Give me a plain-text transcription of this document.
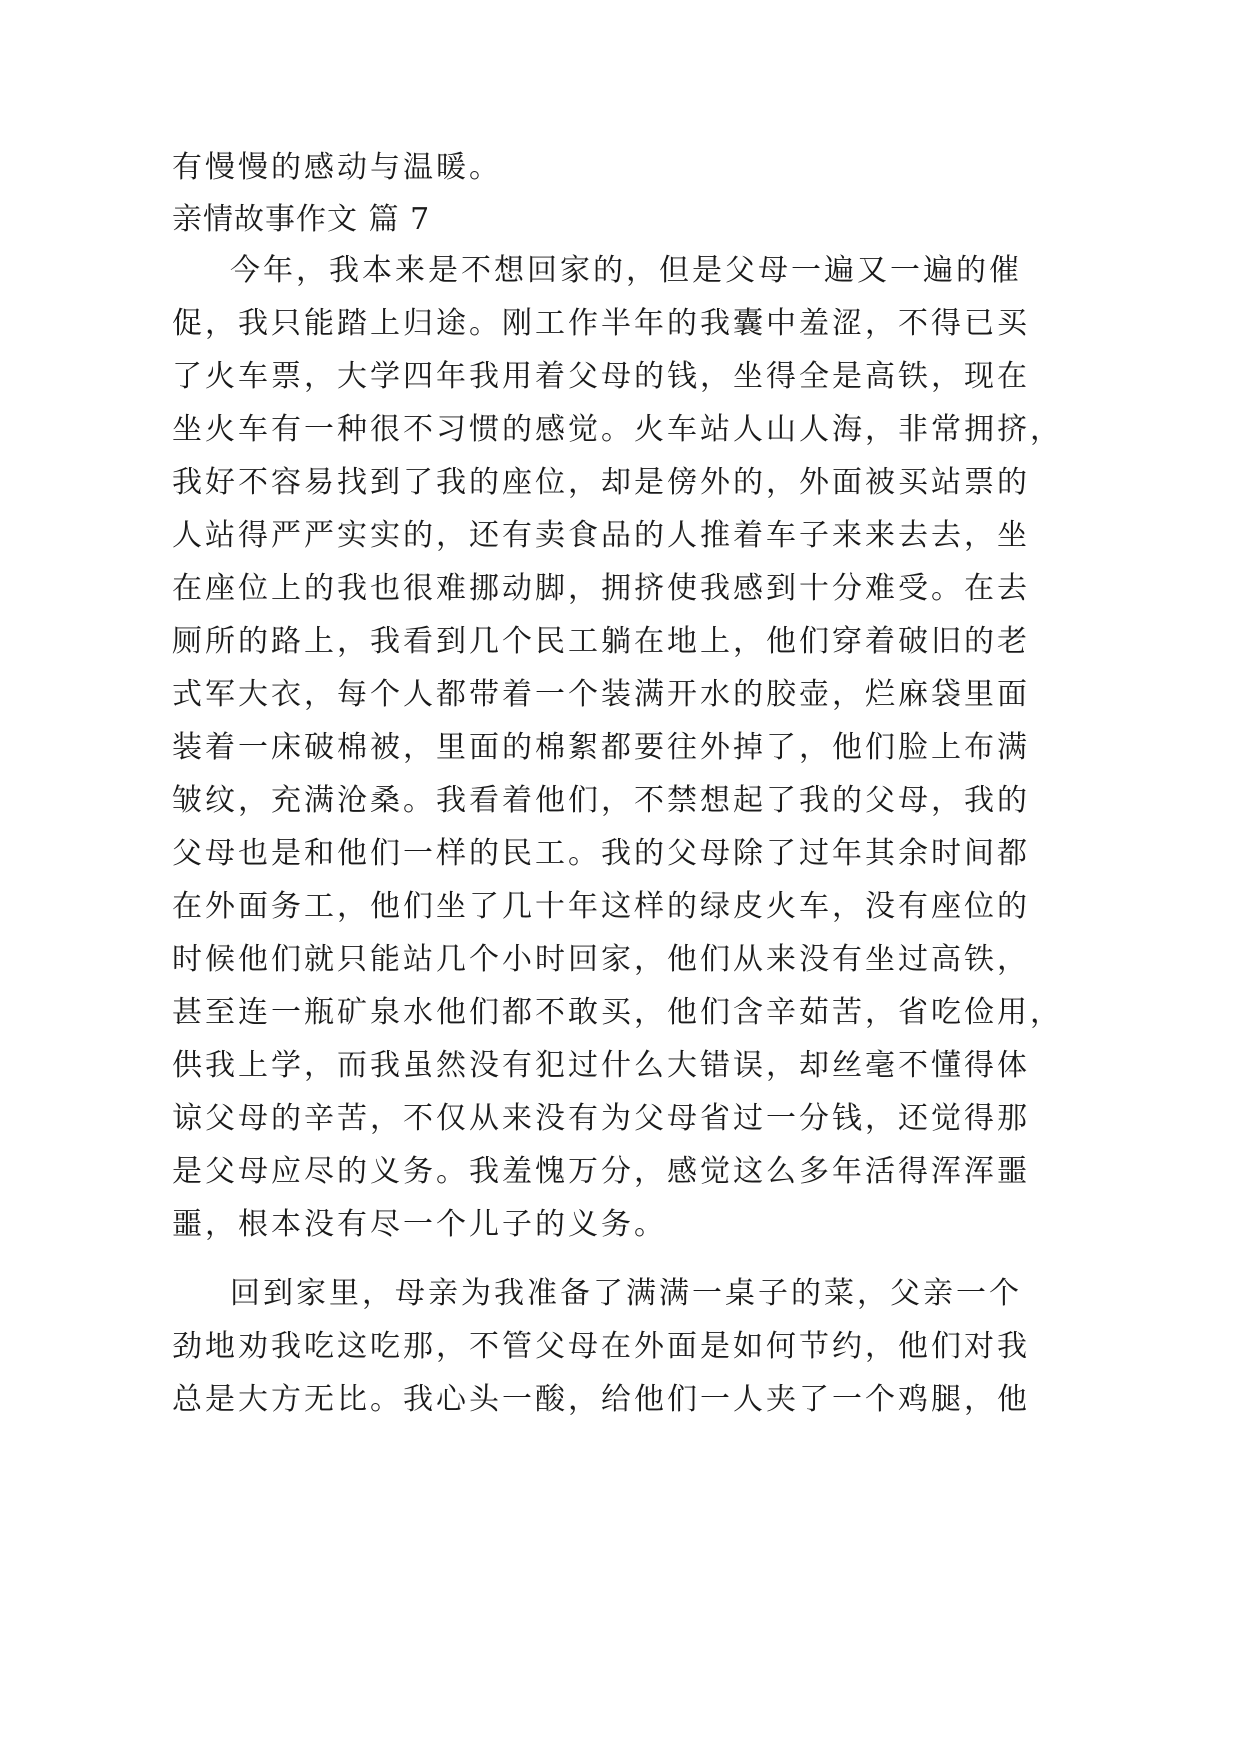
有慢慢的感动与温暖。
亲情故事作文 篇 7
今年，我本来是不想回家的，但是父母一遍又一遍的催
促，我只能踏上归途。刚工作半年的我囊中羞涩，不得已买
了火车票，大学四年我用着父母的钱，坐得全是高铁，现在
坐火车有一种很不习惯的感觉。火车站人山人海，非常拥挤，
我好不容易找到了我的座位，却是傍外的，外面被买站票的
人站得严严实实的，还有卖食品的人推着车子来来去去，坐
在座位上的我也很难挪动脚，拥挤使我感到十分难受。在去
厕所的路上，我看到几个民工躺在地上，他们穿着破旧的老
式军大衣，每个人都带着一个装满开水的胶壶，烂麻袋里面
装着一床破棉被，里面的棉絮都要往外掉了，他们脸上布满
皱纹，充满沧桑。我看着他们，不禁想起了我的父母，我的
父母也是和他们一样的民工。我的父母除了过年其余时间都
在外面务工，他们坐了几十年这样的绿皮火车，没有座位的
时候他们就只能站几个小时回家，他们从来没有坐过高铁，
甚至连一瓶矿泉水他们都不敢买，他们含辛茹苦，省吃俭用，
供我上学，而我虽然没有犯过什么大错误，却丝毫不懂得体
谅父母的辛苦，不仅从来没有为父母省过一分钱，还觉得那
是父母应尽的义务。我羞愧万分，感觉这么多年活得浑浑噩
噩，根本没有尽一个儿子的义务。
回到家里，母亲为我准备了满满一桌子的菜，父亲一个
劲地劝我吃这吃那，不管父母在外面是如何节约，他们对我
总是大方无比。我心头一酸，给他们一人夹了一个鸡腿，他
